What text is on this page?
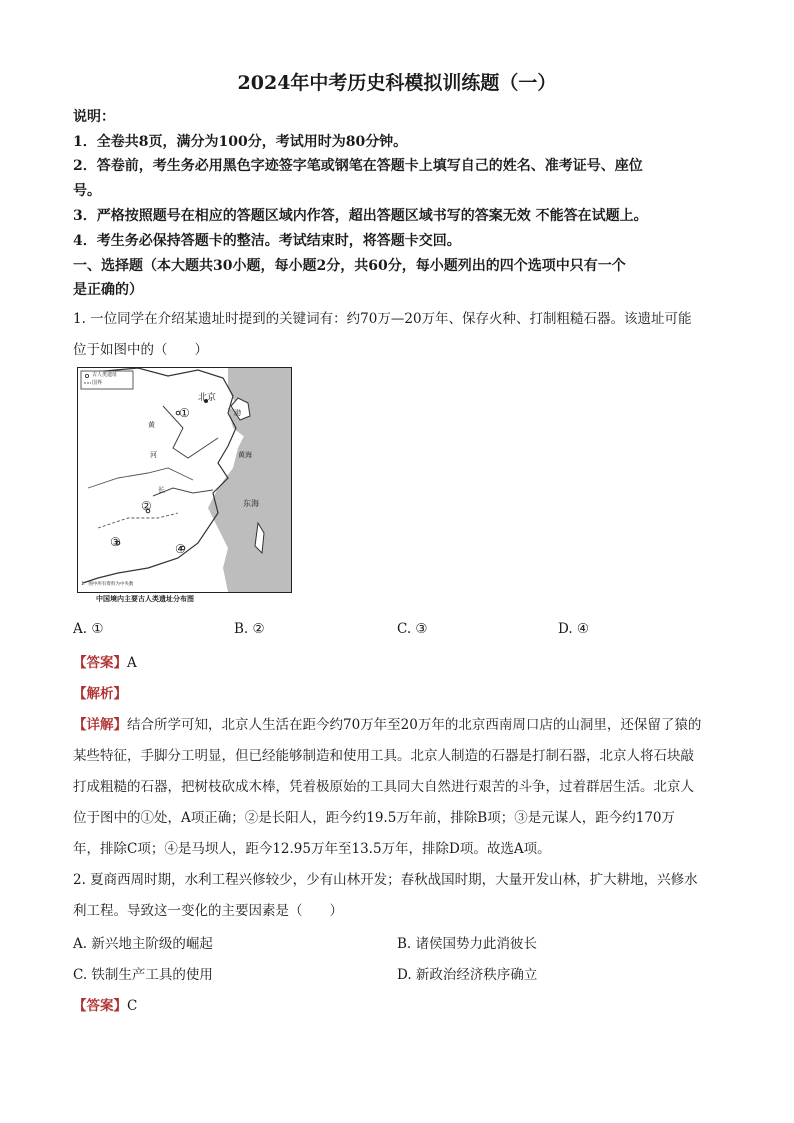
2024年中考历史科模拟训练题（一）
说明：
1．全卷共8页，满分为100分，考试用时为80分钟。
2．答卷前，考生务必用黑色字迹签字笔或钢笔在答题卡上填写自己的姓名、准考证号、座位
号。
3．严格按照题号在相应的答题区域内作答，超出答题区域书写的答案无效 不能答在试题上。
4．考生务必保持答题卡的整洁。考试结束时，将答题卡交回。
一、选择题（本大题共30小题，每小题2分，共60分，每小题列出的四个选项中只有一个
是正确的）
1. 一位同学在介绍某遗址时提到的关键词有：约70万—20万年、保存火种、打制粗糙石器。该遗址可能
位于如图中的（　　）
古人类遗址
国界
北京
渤
黄
河	黄海
长
东海
①
②
③	④
1：图中所有资料为中央数
中国境内主要古人类遗址分布图
A. ①	B. ②	C. ③	D. ④
【答案】A
【解析】
【详解】结合所学可知，北京人生活在距今约70万年至20万年的北京西南周口店的山洞里，还保留了猿的
某些特征，手脚分工明显，但已经能够制造和使用工具。北京人制造的石器是打制石器，北京人将石块敲
打成粗糙的石器，把树枝砍成木棒，凭着极原始的工具同大自然进行艰苦的斗争，过着群居生活。北京人
位于图中的①处，A项正确；②是长阳人，距今约19.5万年前，排除B项；③是元谋人，距今约170万
年，排除C项；④是马坝人，距今12.95万年至13.5万年，排除D项。故选A项。
2. 夏商西周时期，水利工程兴修较少，少有山林开发；春秋战国时期，大量开发山林，扩大耕地，兴修水
利工程。导致这一变化的主要因素是（　　）
A. 新兴地主阶级的崛起	B. 诸侯国势力此消彼长
C. 铁制生产工具的使用	D. 新政治经济秩序确立
【答案】C
